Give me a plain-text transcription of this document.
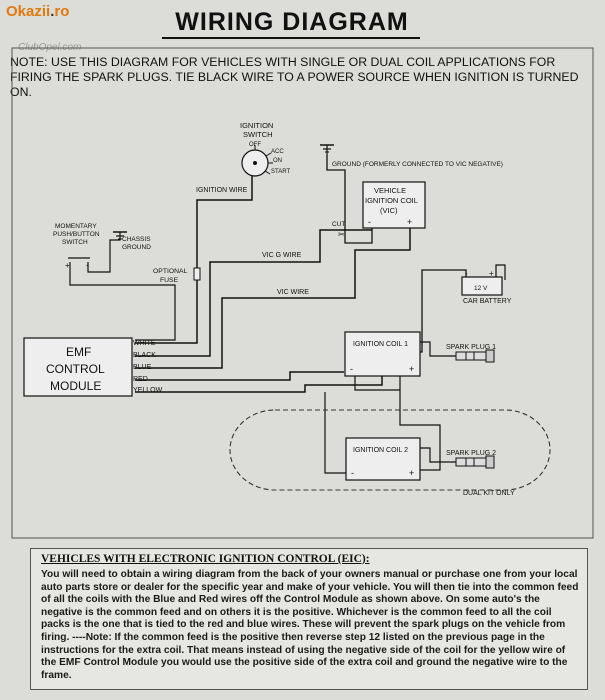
Okazii.ro
ClubOpel.com
WIRING DIAGRAM
NOTE: USE THIS DIAGRAM FOR VEHICLES WITH SINGLE OR DUAL COIL APPLICATIONS FOR FIRING THE SPARK PLUGS. TIE BLACK WIRE TO A POWER SOURCE WHEN IGNITION IS TURNED ON.
IGNITION
SWITCH
OFF
ACC
ON
START
IGNITION WIRE
GROUND (FORMERLY CONNECTED TO VIC NEGATIVE)
VEHICLE
IGNITION COIL
(VIC)
-	+
CUT
✂
VIC G WIRE
VIC WIRE
MOMENTARY
PUSH/BUTTON
SWITCH
+ -
CHASSIS
GROUND
OPTIONAL
FUSE
12 V
-	+
CAR BATTERY
EMF
CONTROL
MODULE
WHITE
BLACK
BLUE
RED
YELLOW
IGNITION COIL 1
-	+
SPARK PLUG 1
IGNITION COIL 2
-	+
SPARK PLUG 2
DUAL KIT ONLY
VEHICLES WITH ELECTRONIC IGNITION CONTROL (EIC):
You will need to obtain a wiring diagram from the back of your owners manual or purchase one from your local auto parts store or dealer for the specific year and make of your vehicle. You will then tie into the common feed of all the coils with the Blue and Red wires off the Control Module as shown above. On some auto's the negative is the common feed and on others it is the positive. Whichever is the common feed to all the coil packs is the one that is tied to the red and blue wires. These will prevent the spark plugs on the vehicle from firing. ----Note: If the common feed is the positive then reverse step 12 listed on the previous page in the instructions for the extra coil. That means instead of using the negative side of the coil for the yellow wire of the EMF Control Module you would use the positive side of the extra coil and ground the negative wire to the frame.
